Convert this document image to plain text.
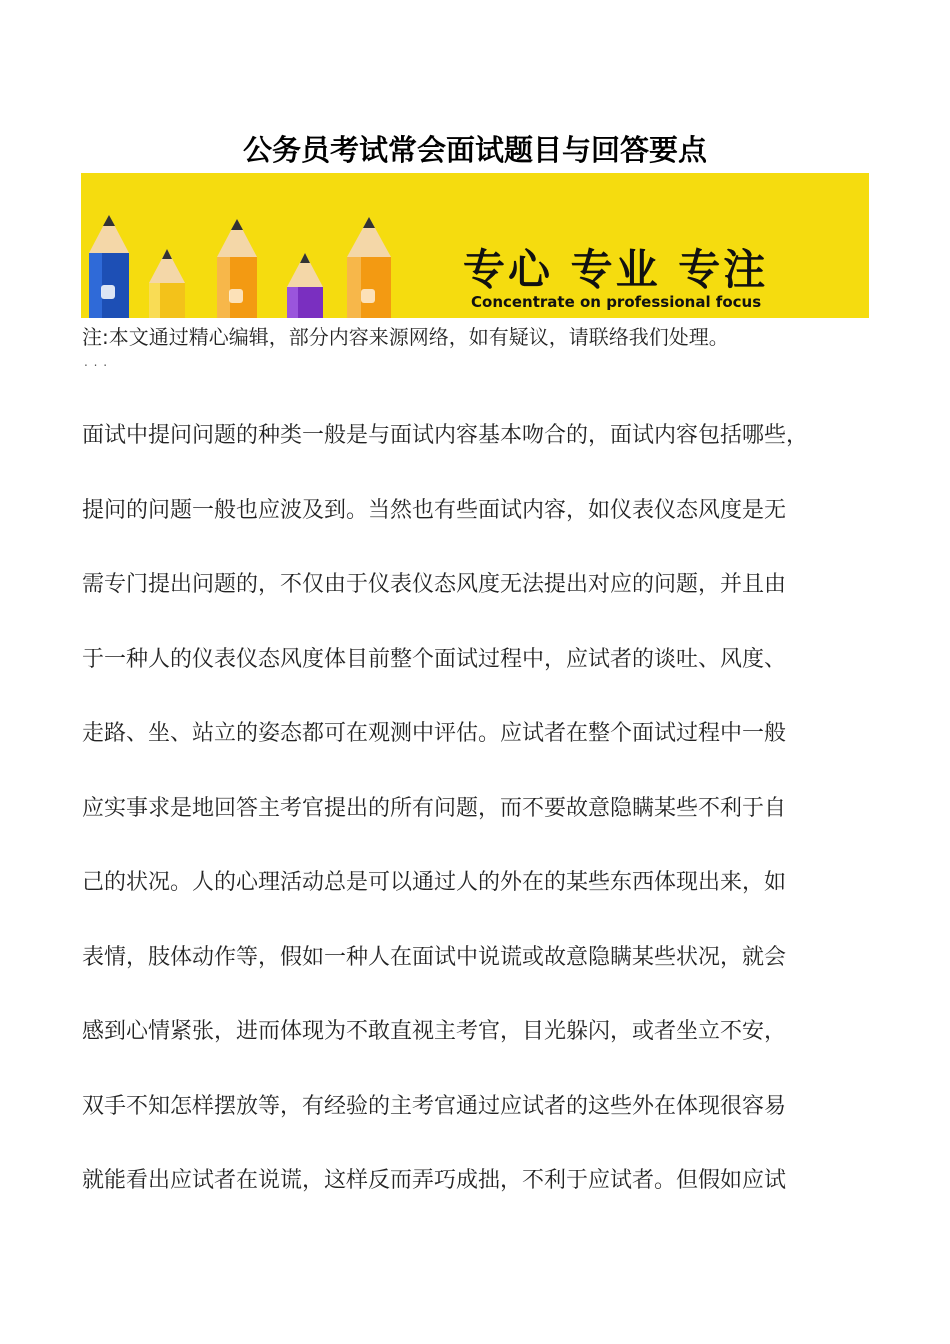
公务员考试常会面试题目与回答要点
专心 专业 专注
Concentrate on professional focus
注:本文通过精心编辑，部分内容来源网络，如有疑议，请联络我们处理。
. . .
面试中提问问题的种类一般是与面试内容基本吻合的，面试内容包括哪些，
提问的问题一般也应波及到。当然也有些面试内容，如仪表仪态风度是无
需专门提出问题的，不仅由于仪表仪态风度无法提出对应的问题，并且由
于一种人的仪表仪态风度体目前整个面试过程中，应试者的谈吐、风度、
走路、坐、站立的姿态都可在观测中评估。应试者在整个面试过程中一般
应实事求是地回答主考官提出的所有问题，而不要故意隐瞒某些不利于自
己的状况。人的心理活动总是可以通过人的外在的某些东西体现出来，如
表情，肢体动作等，假如一种人在面试中说谎或故意隐瞒某些状况，就会
感到心情紧张，进而体现为不敢直视主考官，目光躲闪，或者坐立不安，
双手不知怎样摆放等，有经验的主考官通过应试者的这些外在体现很容易
就能看出应试者在说谎，这样反而弄巧成拙，不利于应试者。但假如应试
